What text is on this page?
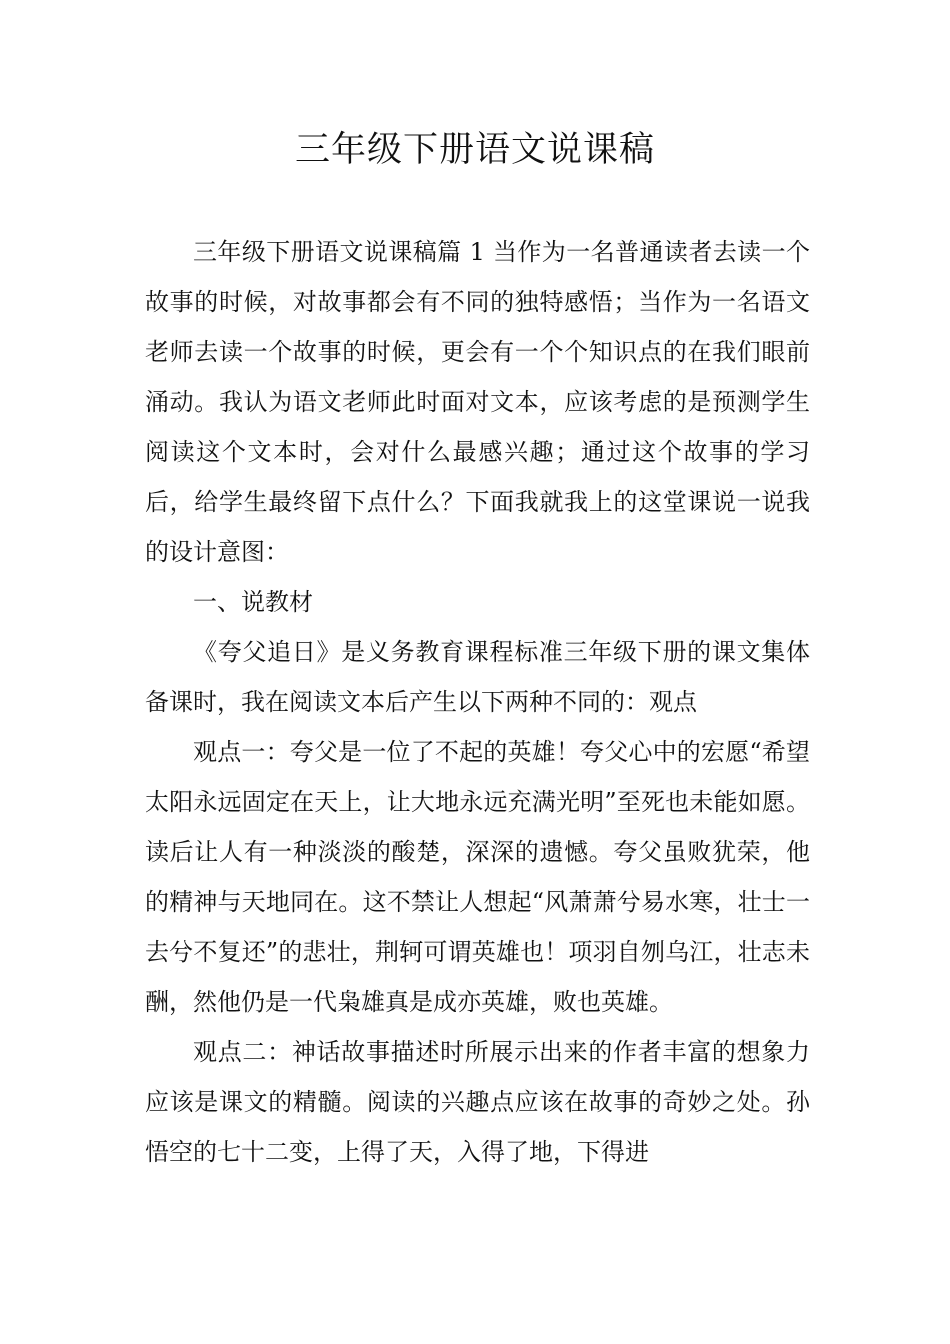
三年级下册语文说课稿

三年级下册语文说课稿篇 1 当作为一名普通读者去读一个故事的时候，对故事都会有不同的独特感悟；当作为一名语文老师去读一个故事的时候，更会有一个个知识点的在我们眼前涌动。我认为语文老师此时面对文本，应该考虑的是预测学生阅读这个文本时，会对什么最感兴趣；通过这个故事的学习后，给学生最终留下点什么？下面我就我上的这堂课说一说我的设计意图：

一、说教材

《夸父追日》是义务教育课程标准三年级下册的课文集体备课时，我在阅读文本后产生以下两种不同的：观点

观点一：夸父是一位了不起的英雄！夸父心中的宏愿“希望太阳永远固定在天上，让大地永远充满光明”至死也未能如愿。读后让人有一种淡淡的酸楚，深深的遗憾。夸父虽败犹荣，他的精神与天地同在。这不禁让人想起“风萧萧兮易水寒，壮士一去兮不复还”的悲壮，荆轲可谓英雄也！项羽自刎乌江，壮志未酬，然他仍是一代枭雄真是成亦英雄，败也英雄。

观点二：神话故事描述时所展示出来的作者丰富的想象力应该是课文的精髓。阅读的兴趣点应该在故事的奇妙之处。孙悟空的七十二变，上得了天，入得了地，下得进
